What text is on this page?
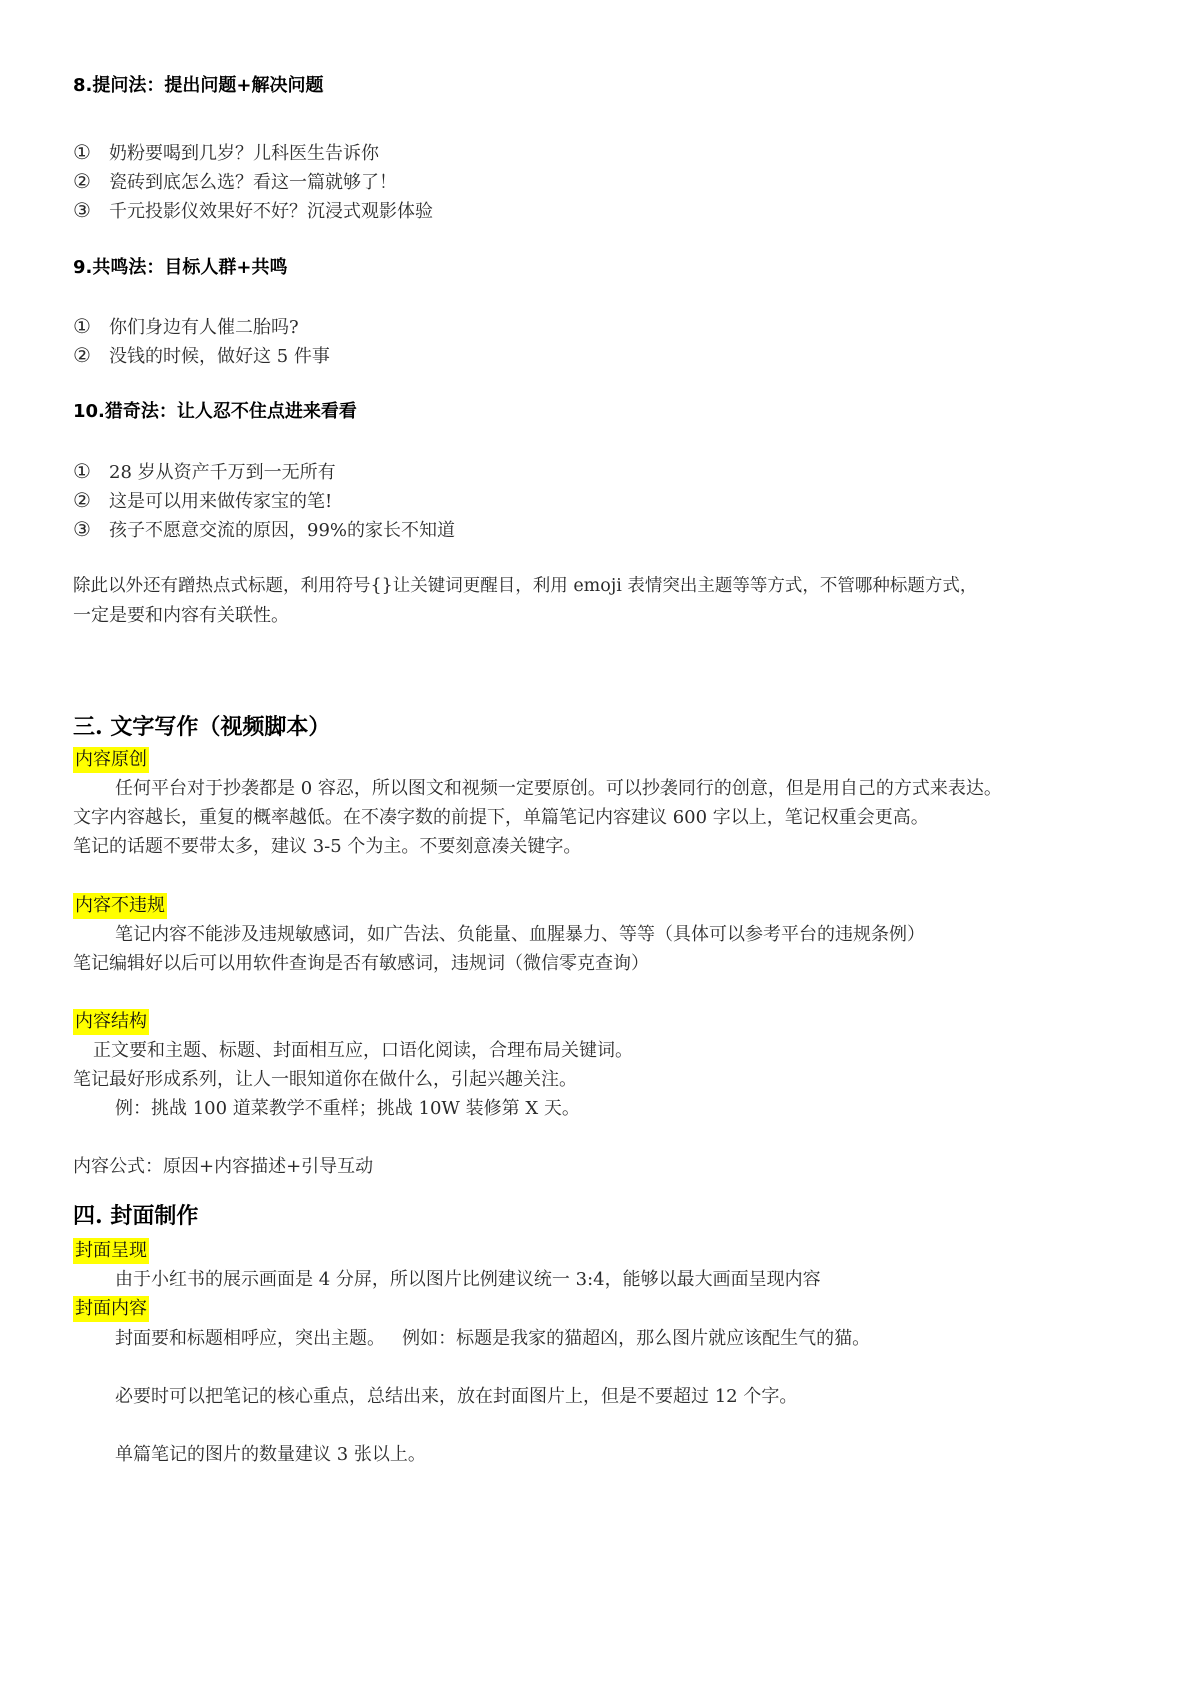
8.提问法：提出问题+解决问题
① 奶粉要喝到几岁？儿科医生告诉你
② 瓷砖到底怎么选？看这一篇就够了！
③ 千元投影仪效果好不好？沉浸式观影体验
9.共鸣法：目标人群+共鸣
① 你们身边有人催二胎吗?
② 没钱的时候，做好这 5 件事
10.猎奇法：让人忍不住点进来看看
① 28 岁从资产千万到一无所有
② 这是可以用来做传家宝的笔!
③ 孩子不愿意交流的原因，99%的家长不知道
除此以外还有蹭热点式标题，利用符号{}让关键词更醒目，利用 emoji 表情突出主题等等方式，不管哪种标题方式，
一定是要和内容有关联性。
三. 文字写作（视频脚本）
内容原创
任何平台对于抄袭都是 0 容忍，所以图文和视频一定要原创。可以抄袭同行的创意，但是用自己的方式来表达。
文字内容越长，重复的概率越低。在不凑字数的前提下，单篇笔记内容建议 600 字以上，笔记权重会更高。
笔记的话题不要带太多，建议 3-5 个为主。不要刻意凑关键字。
内容不违规
笔记内容不能涉及违规敏感词，如广告法、负能量、血腥暴力、等等（具体可以参考平台的违规条例）
笔记编辑好以后可以用软件查询是否有敏感词，违规词（微信零克查询）
内容结构
正文要和主题、标题、封面相互应，口语化阅读，合理布局关键词。
笔记最好形成系列，让人一眼知道你在做什么，引起兴趣关注。
例：挑战 100 道菜教学不重样；挑战 10W 装修第 X 天。
内容公式：原因+内容描述+引导互动
四. 封面制作
封面呈现
由于小红书的展示画面是 4 分屏，所以图片比例建议统一 3:4，能够以最大画面呈现内容
封面内容
封面要和标题相呼应，突出主题。   例如：标题是我家的猫超凶，那么图片就应该配生气的猫。
必要时可以把笔记的核心重点，总结出来，放在封面图片上，但是不要超过 12 个字。
单篇笔记的图片的数量建议 3 张以上。
